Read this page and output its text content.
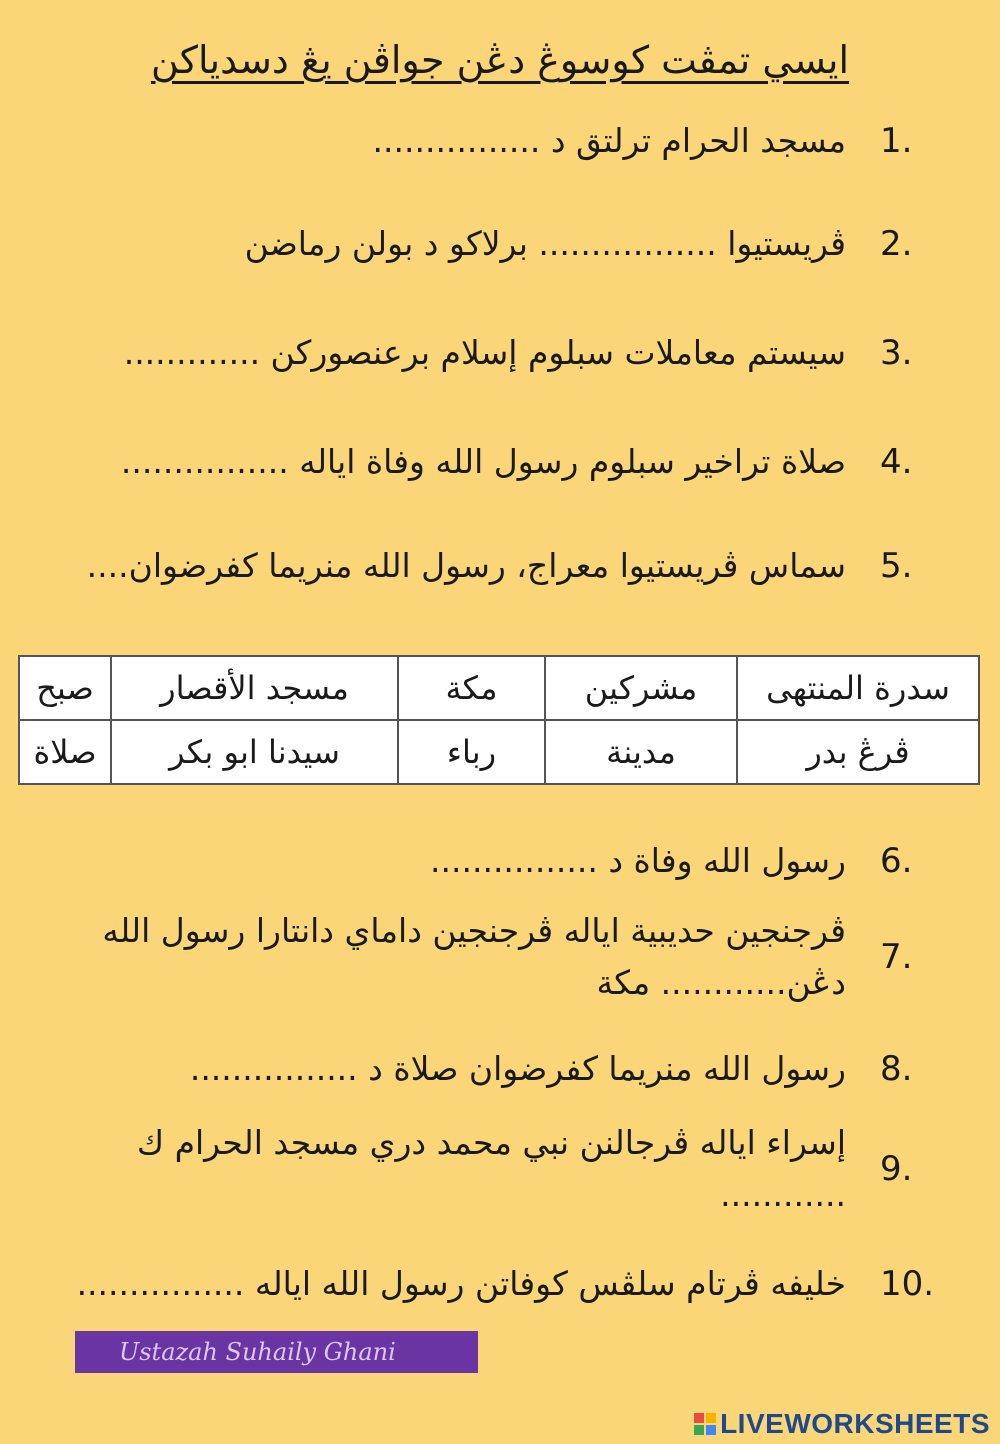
ايسي تمڤت كوسوڠ دڠن جواڤن يڠ دسدياكن
1.
مسجد الحرام ترلتق د ................
2.
ڤريستيوا ................. برلاكو د بولن رماضن
3.
سيستم معاملات سبلوم إسلام برعنصوركن .............
4.
صلاة تراخير سبلوم رسول الله وفاة اياله ................
5.
سماس ڤريستيوا معراج، رسول الله منريما كفرضوان....
سدرة المنتهى	مشركين	مكة	مسجد الأقصار	صبح
ڤرڠ بدر	مدينة	رباء	سيدنا ابو بكر	صلاة
6.
رسول الله وفاة د ................
7.
ڤرجنجين حديبية اياله ڤرجنجين داماي دانتارا رسول الله دڠن............ مكة
8.
رسول الله منريما كفرضوان صلاة د ................
9.
إسراء اياله ڤرجالنن نبي محمد دري مسجد الحرام ك ............
10.
خليفه ڤرتام سلڤس كوفاتن رسول الله اياله ................
Ustazah Suhaily Ghani
LIVEWORKSHEETS
